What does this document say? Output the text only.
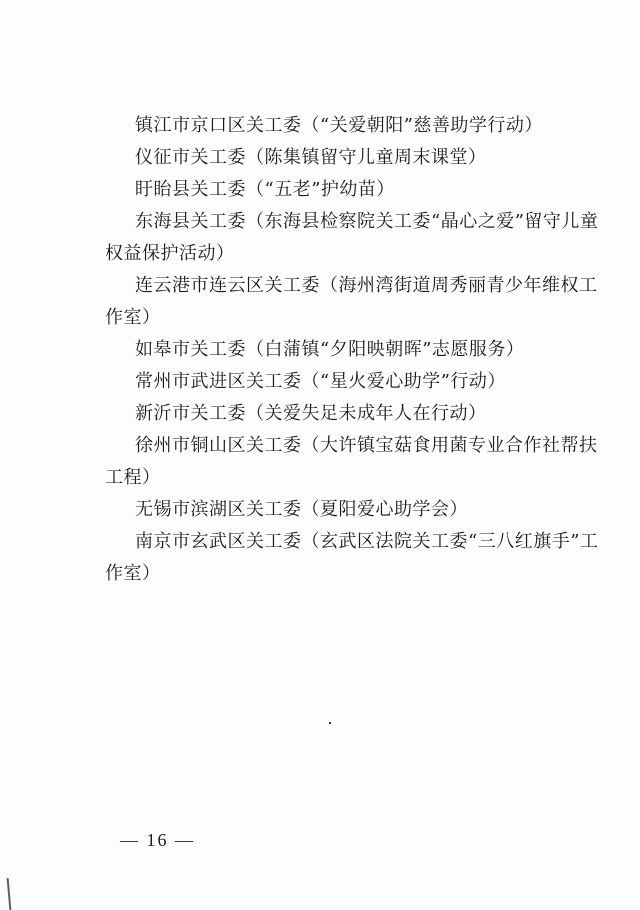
镇江市京口区关工委（“关爱朝阳”慈善助学行动）

仪征市关工委（陈集镇留守儿童周末课堂）

盱眙县关工委（“五老”护幼苗）

东海县关工委（东海县检察院关工委“晶心之爱”留守儿童
权益保护活动）

连云港市连云区关工委（海州湾街道周秀丽青少年维权工
作室）

如皋市关工委（白蒲镇“夕阳映朝晖”志愿服务）

常州市武进区关工委（“星火爱心助学”行动）

新沂市关工委（关爱失足未成年人在行动）

徐州市铜山区关工委（大许镇宝菇食用菌专业合作社帮扶
工程）

无锡市滨湖区关工委（夏阳爱心助学会）

南京市玄武区关工委（玄武区法院关工委“三八红旗手”工
作室）

— 16 —
